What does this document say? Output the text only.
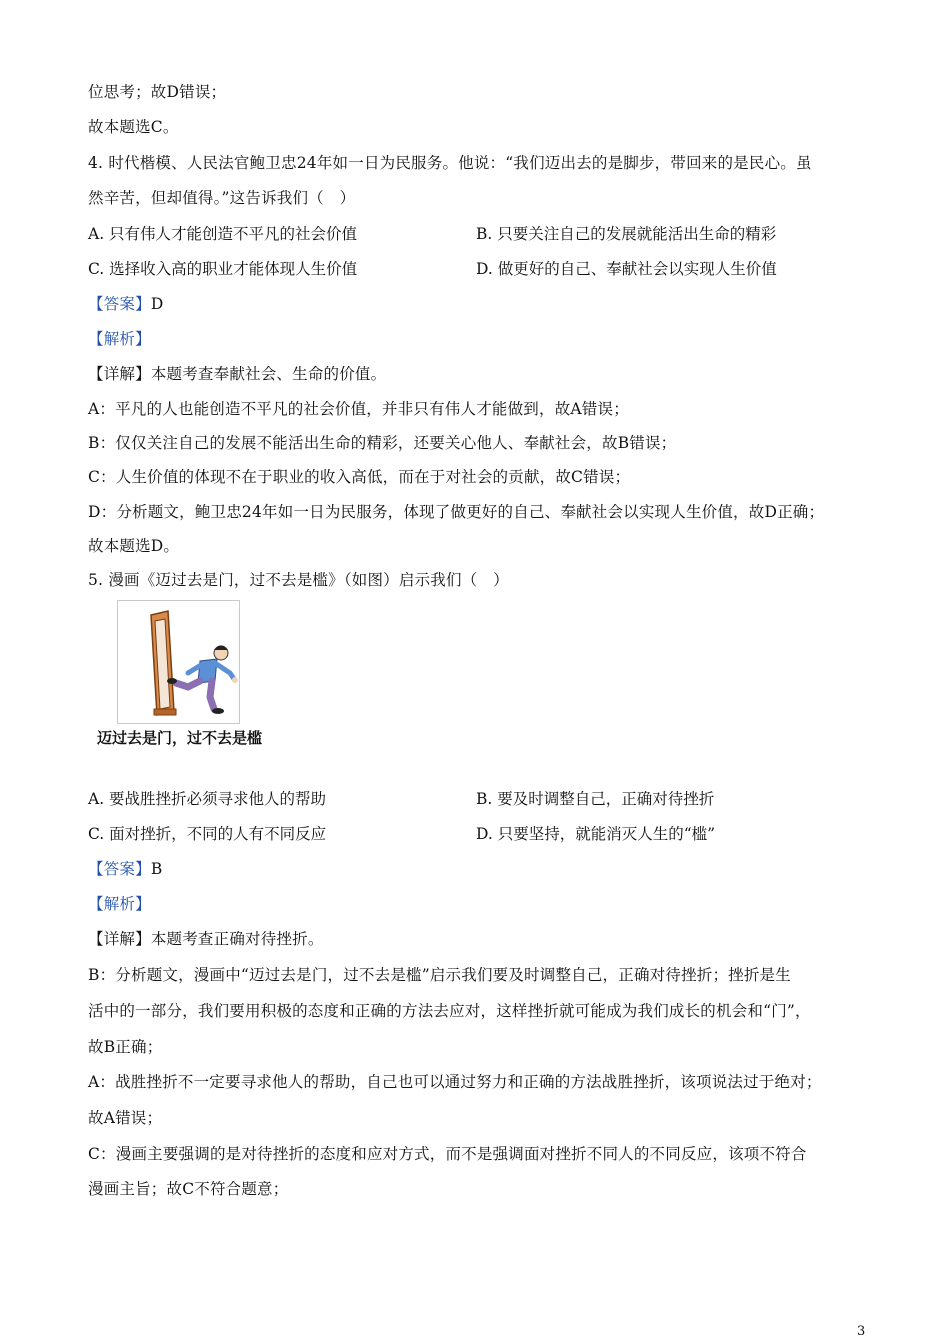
位思考；故D错误；
故本题选C。
4. 时代楷模、人民法官鲍卫忠24年如一日为民服务。他说：“我们迈出去的是脚步，带回来的是民心。虽
然辛苦，但却值得。”这告诉我们（　）
A. 只有伟人才能创造不平凡的社会价值	B. 只要关注自己的发展就能活出生命的精彩
C. 选择收入高的职业才能体现人生价值	D. 做更好的自己、奉献社会以实现人生价值
【答案】D
【解析】
【详解】本题考查奉献社会、生命的价值。
A：平凡的人也能创造不平凡的社会价值，并非只有伟人才能做到，故A错误；
B：仅仅关注自己的发展不能活出生命的精彩，还要关心他人、奉献社会，故B错误；
C：人生价值的体现不在于职业的收入高低，而在于对社会的贡献，故C错误；
D：分析题文，鲍卫忠24年如一日为民服务，体现了做更好的自己、奉献社会以实现人生价值，故D正确；
故本题选D。
5. 漫画《迈过去是门，过不去是槛》（如图）启示我们（　）
迈过去是门，过不去是槛
A. 要战胜挫折必须寻求他人的帮助	B. 要及时调整自己，正确对待挫折
C. 面对挫折，不同的人有不同反应	D. 只要坚持，就能消灭人生的“槛”
【答案】B
【解析】
【详解】本题考查正确对待挫折。
B：分析题文，漫画中“迈过去是门，过不去是槛”启示我们要及时调整自己，正确对待挫折；挫折是生
活中的一部分，我们要用积极的态度和正确的方法去应对，这样挫折就可能成为我们成长的机会和“门”，
故B正确；
A：战胜挫折不一定要寻求他人的帮助，自己也可以通过努力和正确的方法战胜挫折，该项说法过于绝对；
故A错误；
C：漫画主要强调的是对待挫折的态度和应对方式，而不是强调面对挫折不同人的不同反应，该项不符合
漫画主旨；故C不符合题意；
3
